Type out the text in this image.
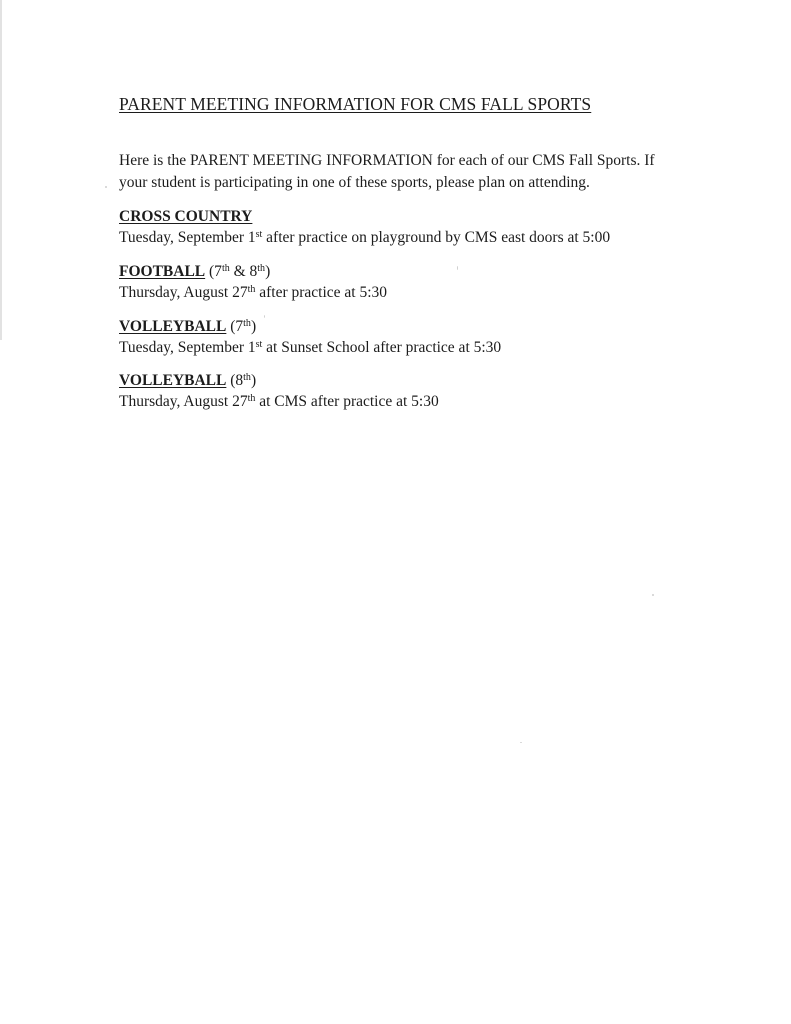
PARENT MEETING INFORMATION FOR CMS FALL SPORTS
Here is the PARENT MEETING INFORMATION for each of our CMS Fall Sports. If
your student is participating in one of these sports, please plan on attending.
CROSS COUNTRY
Tuesday, September 1st after practice on playground by CMS east doors at 5:00
FOOTBALL (7th & 8th)
Thursday, August 27th after practice at 5:30
VOLLEYBALL (7th)
Tuesday, September 1st at Sunset School after practice at 5:30
VOLLEYBALL (8th)
Thursday, August 27th at CMS after practice at 5:30
